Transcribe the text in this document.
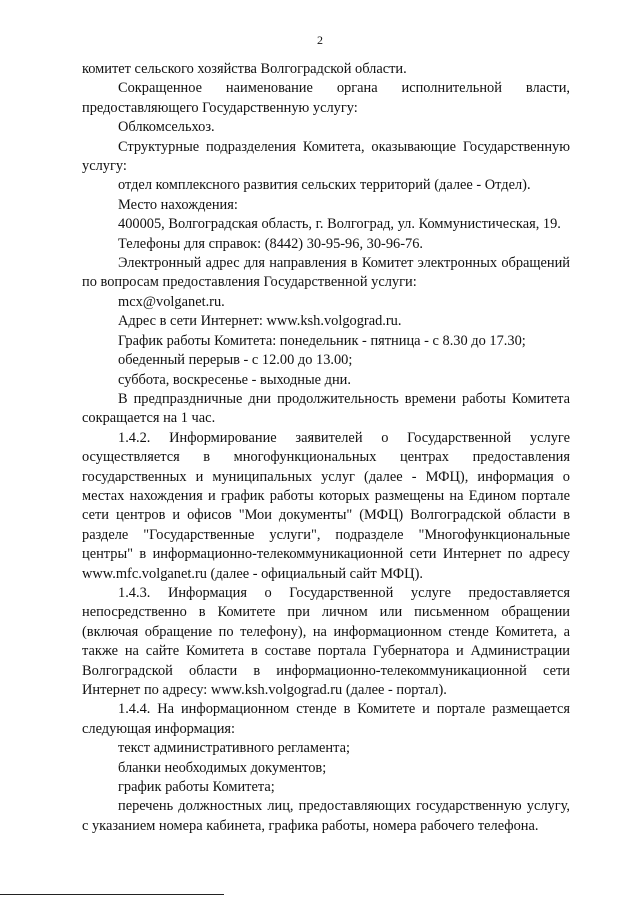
2

комитет сельского хозяйства Волгоградской области.

Сокращенное наименование органа исполнительной власти, предоставляющего Государственную услугу:

Облкомсельхоз.

Структурные подразделения Комитета, оказывающие Государственную услугу:

отдел комплексного развития сельских территорий (далее - Отдел).

Место нахождения:

400005, Волгоградская область, г. Волгоград, ул. Коммунистическая, 19.

Телефоны для справок: (8442) 30-95-96, 30-96-76.

Электронный адрес для направления в Комитет электронных обращений по вопросам предоставления Государственной услуги:

mcx@volganet.ru.

Адрес в сети Интернет: www.ksh.volgograd.ru.

График работы Комитета: понедельник - пятница - с 8.30 до 17.30;

обеденный перерыв - с 12.00 до 13.00;

суббота, воскресенье - выходные дни.

В предпраздничные дни продолжительность времени работы Комитета сокращается на 1 час.

1.4.2. Информирование заявителей о Государственной услуге осуществляется в многофункциональных центрах предоставления государственных и муниципальных услуг (далее - МФЦ), информация о местах нахождения и график работы которых размещены на Едином портале сети центров и офисов "Мои документы" (МФЦ) Волгоградской области в разделе "Государственные услуги", подразделе "Многофункциональные центры" в информационно-телекоммуникационной сети Интернет по адресу www.mfc.volganet.ru (далее - официальный сайт МФЦ).

1.4.3. Информация о Государственной услуге предоставляется непосредственно в Комитете при личном или письменном обращении (включая обращение по телефону), на информационном стенде Комитета, а также на сайте Комитета в составе портала Губернатора и Администрации Волгоградской области в информационно-телекоммуникационной сети Интернет по адресу: www.ksh.volgograd.ru (далее - портал).

1.4.4. На информационном стенде в Комитете и портале размещается следующая информация:

текст административного регламента;

бланки необходимых документов;

график работы Комитета;

перечень должностных лиц, предоставляющих государственную услугу, с указанием номера кабинета, графика работы, номера рабочего телефона.
